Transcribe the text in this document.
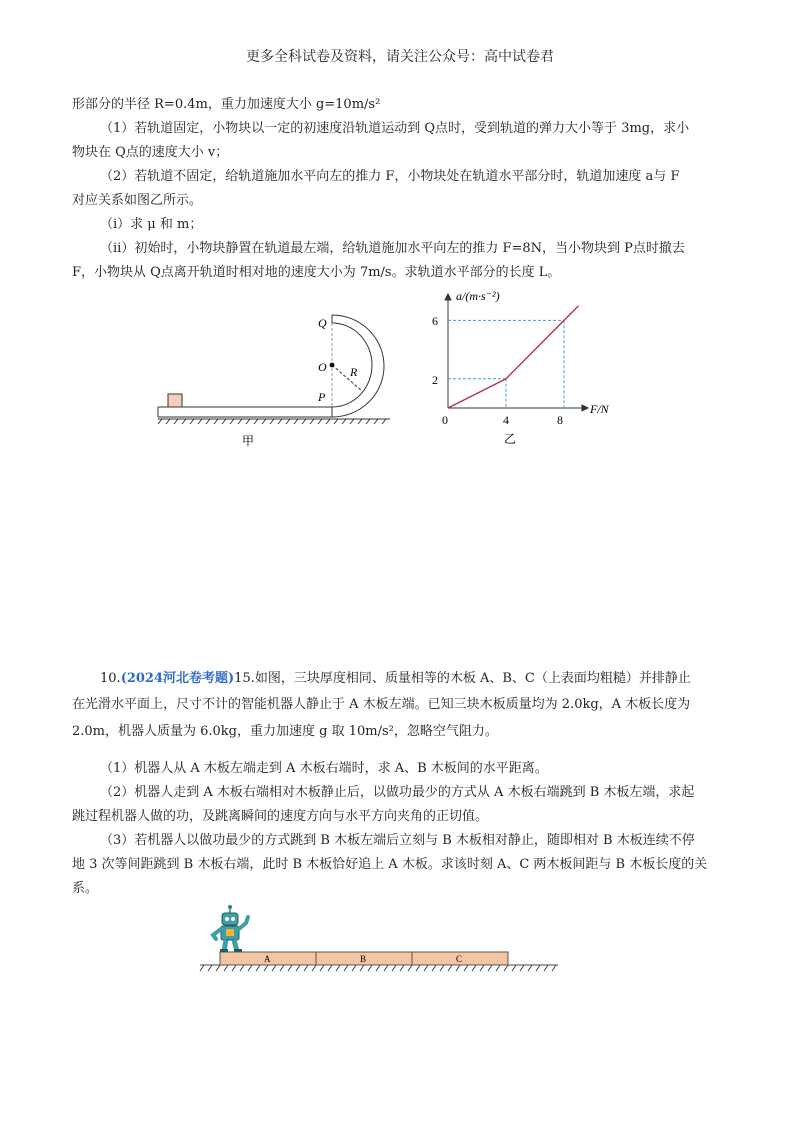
更多全科试卷及资料，请关注公众号：高中试卷君
形部分的半径 R=0.4m，重力加速度大小 g=10m/s²
（1）若轨道固定，小物块以一定的初速度沿轨道运动到 Q点时，受到轨道的弹力大小等于 3mg，求小
物块在 Q点的速度大小 v；
（2）若轨道不固定，给轨道施加水平向左的推力 F，小物块处在轨道水平部分时，轨道加速度 a与 F
对应关系如图乙所示。
（i）求 μ 和 m；
（ii）初始时，小物块静置在轨道最左端，给轨道施加水平向左的推力 F=8N，当小物块到 P点时撤去
F，小物块从 Q点离开轨道时相对地的速度大小为 7m/s。求轨道水平部分的长度 L。
Q
O R
P
甲
a/(m·s⁻²)
F/N
0
6
2
4	8
乙
10.(2024河北卷考题)15.如图，三块厚度相同、质量相等的木板 A、B、C（上表面均粗糙）并排静止
在光滑水平面上，尺寸不计的智能机器人静止于 A 木板左端。已知三块木板质量均为 2.0kg，A 木板长度为
2.0m，机器人质量为 6.0kg，重力加速度 g 取 10m/s²，忽略空气阻力。
（1）机器人从 A 木板左端走到 A 木板右端时，求 A、B 木板间的水平距离。
（2）机器人走到 A 木板右端相对木板静止后，以做功最少的方式从 A 木板右端跳到 B 木板左端，求起
跳过程机器人做的功，及跳离瞬间的速度方向与水平方向夹角的正切值。
（3）若机器人以做功最少的方式跳到 B 木板左端后立刻与 B 木板相对静止，随即相对 B 木板连续不停
地 3 次等间距跳到 B 木板右端，此时 B 木板恰好追上 A 木板。求该时刻 A、C 两木板间距与 B 木板长度的关
系。
A	B	C
